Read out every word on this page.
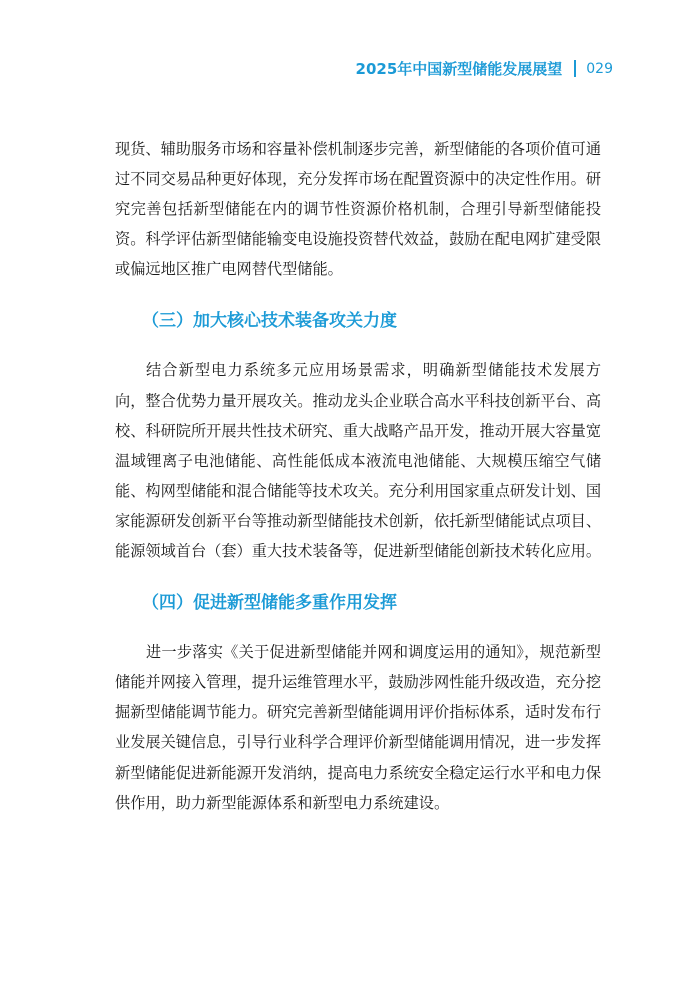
2025年中国新型储能发展展望 029

现货、辅助服务市场和容量补偿机制逐步完善，新型储能的各项价值可通过不同交易品种更好体现，充分发挥市场在配置资源中的决定性作用。研究完善包括新型储能在内的调节性资源价格机制，合理引导新型储能投资。科学评估新型储能输变电设施投资替代效益，鼓励在配电网扩建受限或偏远地区推广电网替代型储能。

（三）加大核心技术装备攻关力度

结合新型电力系统多元应用场景需求，明确新型储能技术发展方向，整合优势力量开展攻关。推动龙头企业联合高水平科技创新平台、高校、科研院所开展共性技术研究、重大战略产品开发，推动开展大容量宽温域锂离子电池储能、高性能低成本液流电池储能、大规模压缩空气储能、构网型储能和混合储能等技术攻关。充分利用国家重点研发计划、国家能源研发创新平台等推动新型储能技术创新，依托新型储能试点项目、能源领域首台（套）重大技术装备等，促进新型储能创新技术转化应用。

（四）促进新型储能多重作用发挥

进一步落实《关于促进新型储能并网和调度运用的通知》，规范新型储能并网接入管理，提升运维管理水平，鼓励涉网性能升级改造，充分挖掘新型储能调节能力。研究完善新型储能调用评价指标体系，适时发布行业发展关键信息，引导行业科学合理评价新型储能调用情况，进一步发挥新型储能促进新能源开发消纳，提高电力系统安全稳定运行水平和电力保供作用，助力新型能源体系和新型电力系统建设。
